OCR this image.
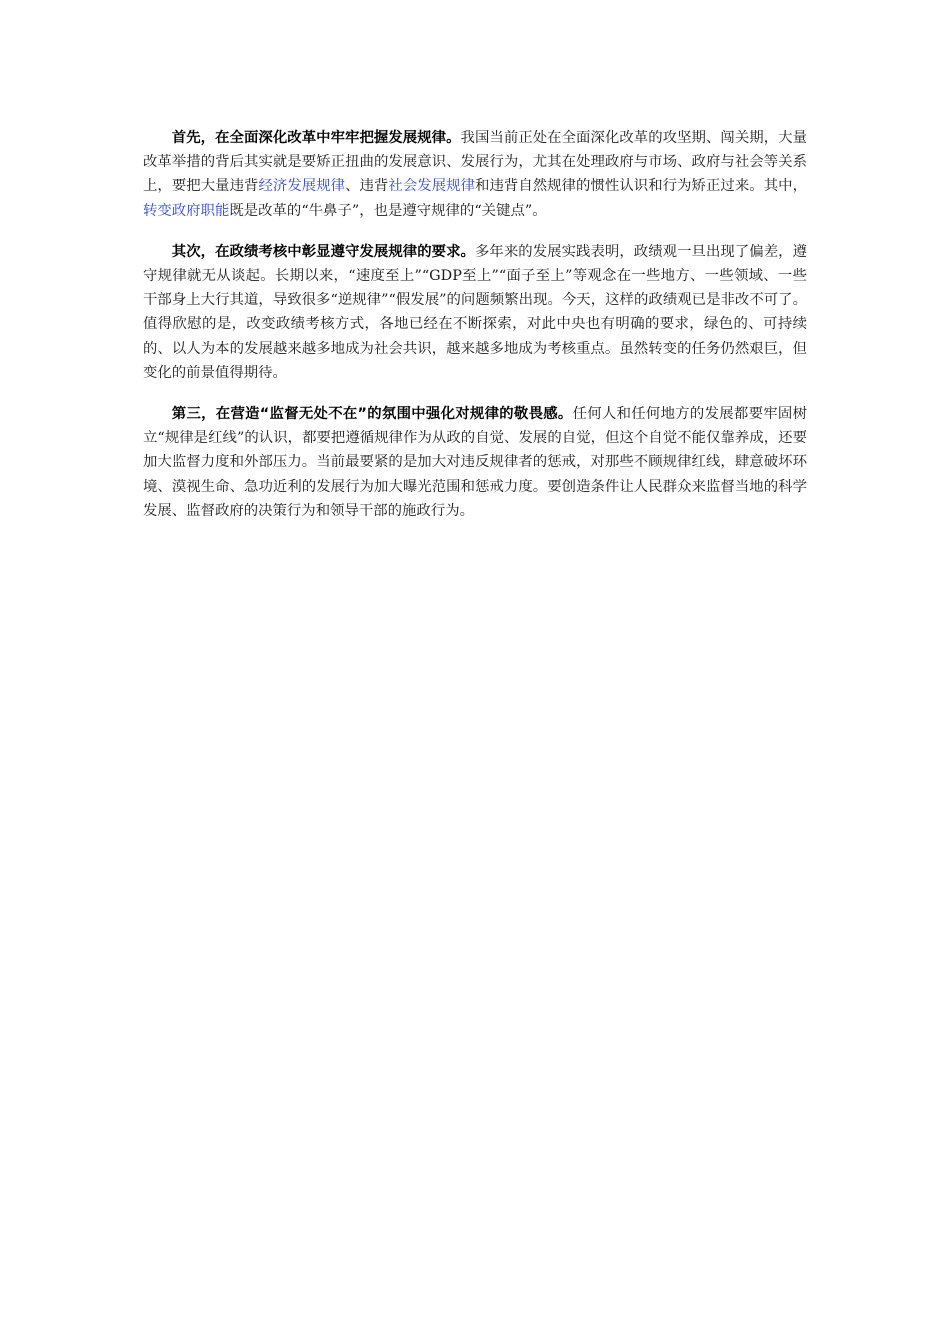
首先，在全面深化改革中牢牢把握发展规律。我国当前正处在全面深化改革的攻坚期、闯关期，大量改革举措的背后其实就是要矫正扭曲的发展意识、发展行为，尤其在处理政府与市场、政府与社会等关系上，要把大量违背经济发展规律、违背社会发展规律和违背自然规律的惯性认识和行为矫正过来。其中，转变政府职能既是改革的“牛鼻子”，也是遵守规律的“关键点”。

其次，在政绩考核中彰显遵守发展规律的要求。多年来的发展实践表明，政绩观一旦出现了偏差，遵守规律就无从谈起。长期以来，“速度至上”“GDP至上”“面子至上”等观念在一些地方、一些领域、一些干部身上大行其道，导致很多“逆规律”“假发展”的问题频繁出现。今天，这样的政绩观已是非改不可了。值得欣慰的是，改变政绩考核方式，各地已经在不断探索，对此中央也有明确的要求，绿色的、可持续的、以人为本的发展越来越多地成为社会共识，越来越多地成为考核重点。虽然转变的任务仍然艰巨，但变化的前景值得期待。

第三，在营造“监督无处不在”的氛围中强化对规律的敬畏感。任何人和任何地方的发展都要牢固树立“规律是红线”的认识，都要把遵循规律作为从政的自觉、发展的自觉，但这个自觉不能仅靠养成，还要加大监督力度和外部压力。当前最要紧的是加大对违反规律者的惩戒，对那些不顾规律红线，肆意破坏环境、漠视生命、急功近利的发展行为加大曝光范围和惩戒力度。要创造条件让人民群众来监督当地的科学发展、监督政府的决策行为和领导干部的施政行为。
